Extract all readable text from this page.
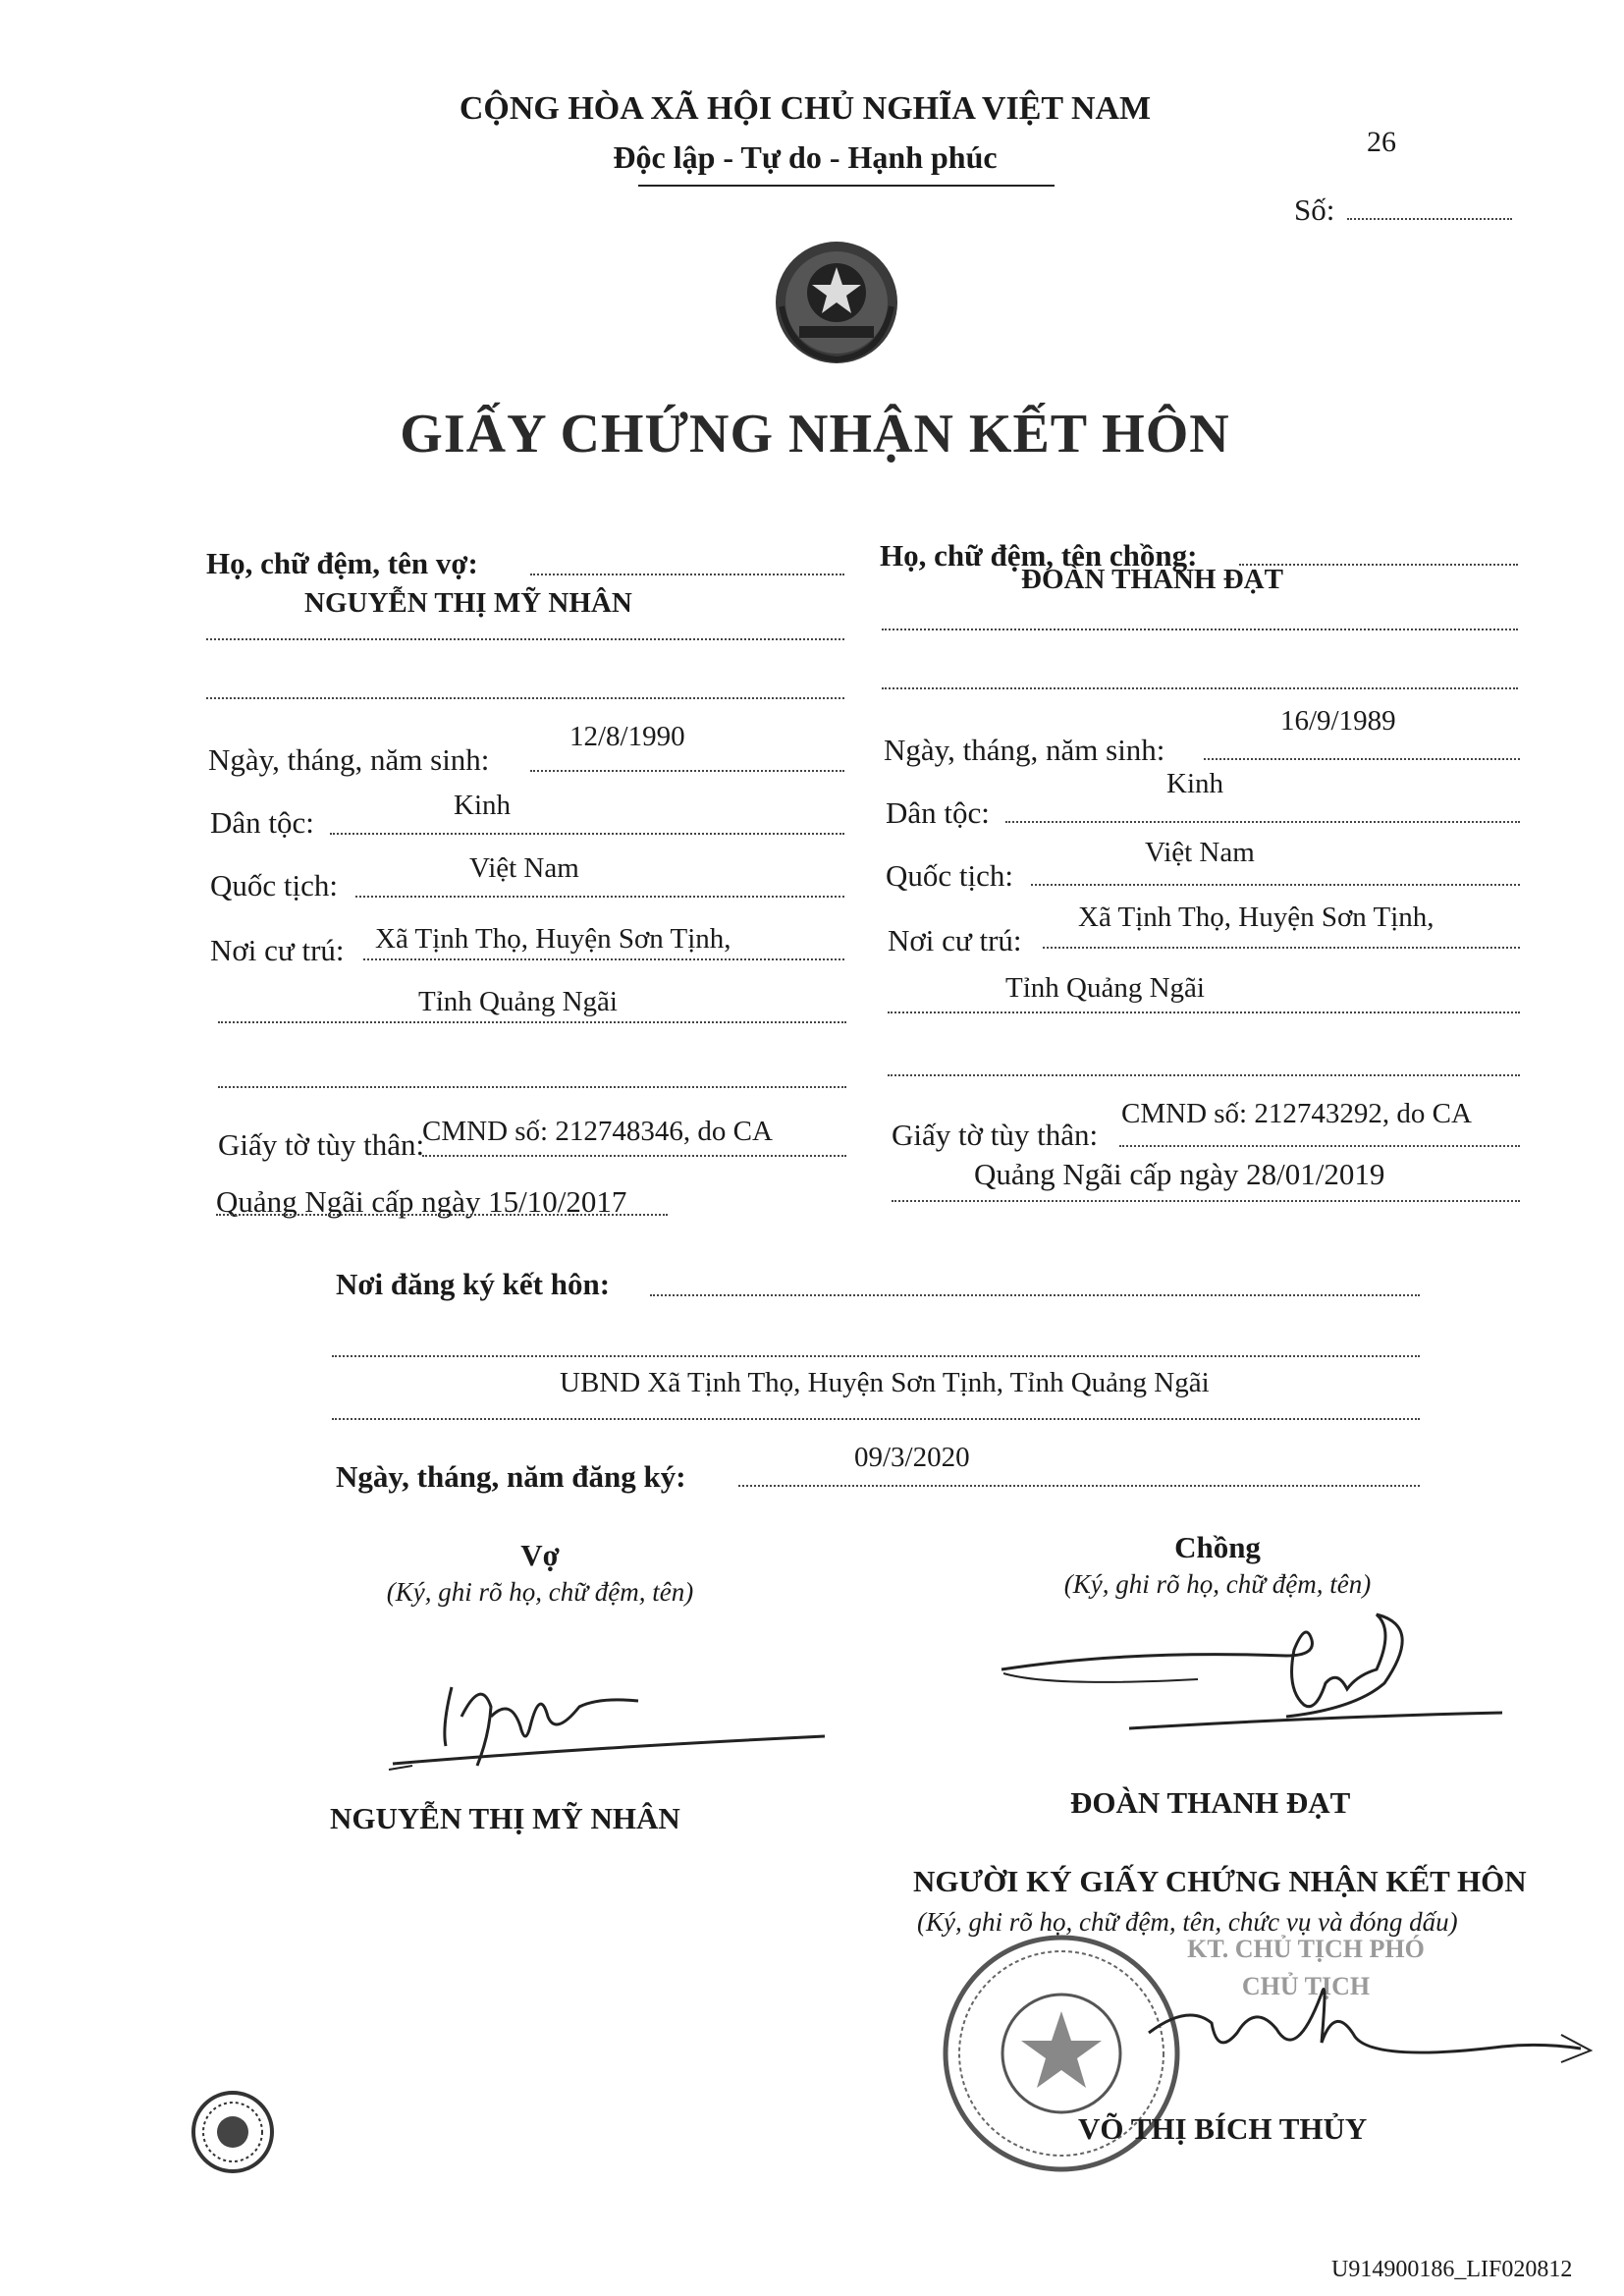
CỘNG HÒA XÃ HỘI CHỦ NGHĨA VIỆT NAM
Độc lập - Tự do - Hạnh phúc	26
Số:
GIẤY CHỨNG NHẬN KẾT HÔN
Họ, chữ đệm, tên vợ:
NGUYỄN THỊ MỸ NHÂN
12/8/1990
Ngày, tháng, năm sinh:
Kinh
Dân tộc:
Việt Nam
Quốc tịch:
Nơi cư trú: Xã Tịnh Thọ, Huyện Sơn Tịnh,
Tỉnh Quảng Ngãi
Giấy tờ tùy thân:
CMND số: 212748346, do CA
Quảng Ngãi cấp ngày 15/10/2017
Họ, chữ đệm, tên chồng:
ĐOÀN THANH ĐẠT
16/9/1989
Ngày, tháng, năm sinh:
Kinh
Dân tộc:
Việt Nam
Quốc tịch:
Nơi cư trú:
Xã Tịnh Thọ, Huyện Sơn Tịnh,
Tỉnh Quảng Ngãi
Giấy tờ tùy thân:
CMND số: 212743292, do CA
Quảng Ngãi cấp ngày 28/01/2019
Nơi đăng ký kết hôn:
UBND Xã Tịnh Thọ, Huyện Sơn Tịnh, Tỉnh Quảng Ngãi
09/3/2020
Ngày, tháng, năm đăng ký:
Vợ
(Ký, ghi rõ họ, chữ đệm, tên)
Chồng
(Ký, ghi rõ họ, chữ đệm, tên)
NGUYỄN THỊ MỸ NHÂN	ĐOÀN THANH ĐẠT
NGƯỜI KÝ GIẤY CHỨNG NHẬN KẾT HÔN
(Ký, ghi rõ họ, chữ đệm, tên, chức vụ và đóng dấu)
KT. CHỦ TỊCH PHÓ CHỦ TỊCH
VÕ THỊ BÍCH THỦY
U914900186_LIF020812
